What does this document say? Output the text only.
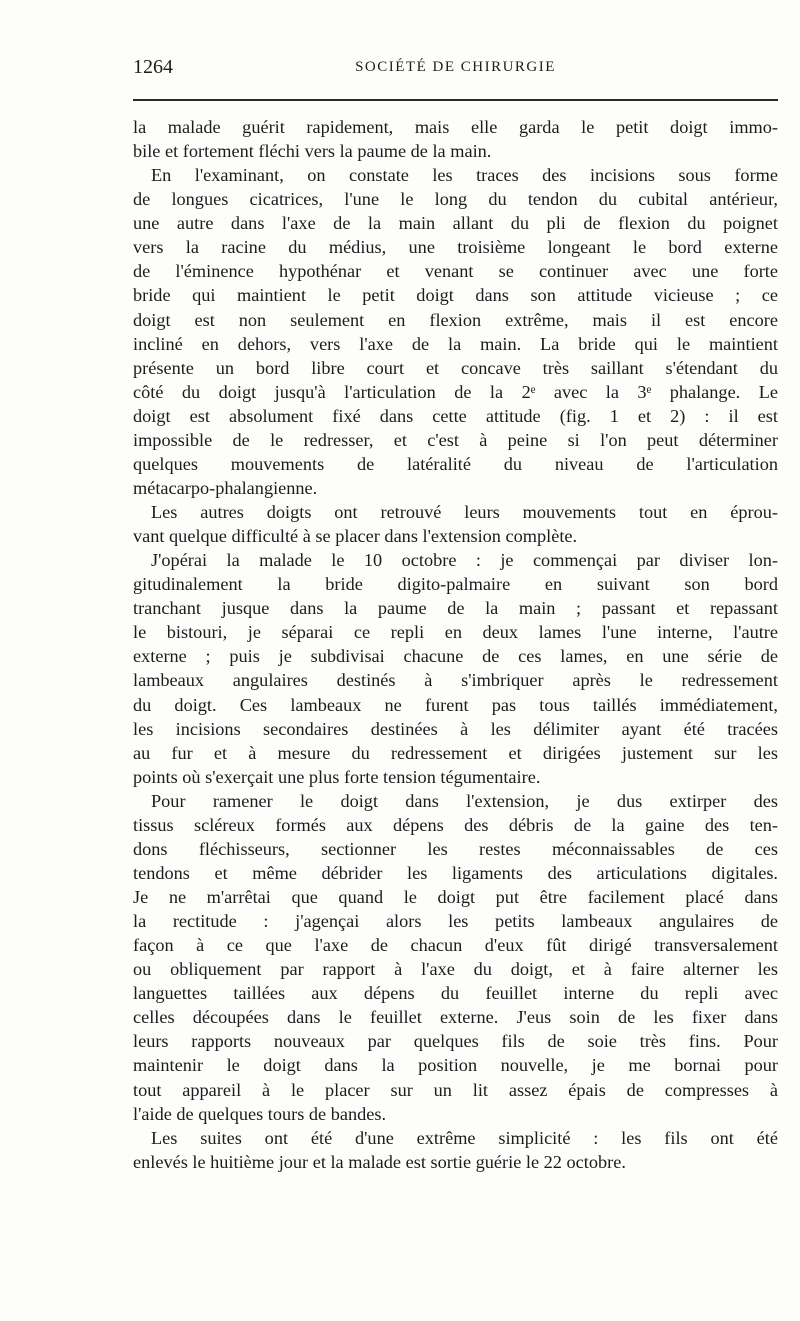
1264	SOCIÉTÉ DE CHIRURGIE
la malade guérit rapidement, mais elle garda le petit doigt immo-
bile et fortement fléchi vers la paume de la main.
En l'examinant, on constate les traces des incisions sous forme
de longues cicatrices, l'une le long du tendon du cubital antérieur,
une autre dans l'axe de la main allant du pli de flexion du poignet
vers la racine du médius, une troisième longeant le bord externe
de l'éminence hypothénar et venant se continuer avec une forte
bride qui maintient le petit doigt dans son attitude vicieuse ; ce
doigt est non seulement en flexion extrême, mais il est encore
incliné en dehors, vers l'axe de la main. La bride qui le maintient
présente un bord libre court et concave très saillant s'étendant du
côté du doigt jusqu'à l'articulation de la 2ᵉ avec la 3ᵉ phalange. Le
doigt est absolument fixé dans cette attitude (fig. 1 et 2) : il est
impossible de le redresser, et c'est à peine si l'on peut déterminer
quelques mouvements de latéralité du niveau de l'articulation
métacarpo-phalangienne.
Les autres doigts ont retrouvé leurs mouvements tout en éprou-
vant quelque difficulté à se placer dans l'extension complète.
J'opérai la malade le 10 octobre : je commençai par diviser lon-
gitudinalement la bride digito-palmaire en suivant son bord
tranchant jusque dans la paume de la main ; passant et repassant
le bistouri, je séparai ce repli en deux lames l'une interne, l'autre
externe ; puis je subdivisai chacune de ces lames, en une série de
lambeaux angulaires destinés à s'imbriquer après le redressement
du doigt. Ces lambeaux ne furent pas tous taillés immédiatement,
les incisions secondaires destinées à les délimiter ayant été tracées
au fur et à mesure du redressement et dirigées justement sur les
points où s'exerçait une plus forte tension tégumentaire.
Pour ramener le doigt dans l'extension, je dus extirper des
tissus scléreux formés aux dépens des débris de la gaine des ten-
dons fléchisseurs, sectionner les restes méconnaissables de ces
tendons et même débrider les ligaments des articulations digitales.
Je ne m'arrêtai que quand le doigt put être facilement placé dans
la rectitude : j'agençai alors les petits lambeaux angulaires de
façon à ce que l'axe de chacun d'eux fût dirigé transversalement
ou obliquement par rapport à l'axe du doigt, et à faire alterner les
languettes taillées aux dépens du feuillet interne du repli avec
celles découpées dans le feuillet externe. J'eus soin de les fixer dans
leurs rapports nouveaux par quelques fils de soie très fins. Pour
maintenir le doigt dans la position nouvelle, je me bornai pour
tout appareil à le placer sur un lit assez épais de compresses à
l'aide de quelques tours de bandes.
Les suites ont été d'une extrême simplicité : les fils ont été
enlevés le huitième jour et la malade est sortie guérie le 22 octobre.
